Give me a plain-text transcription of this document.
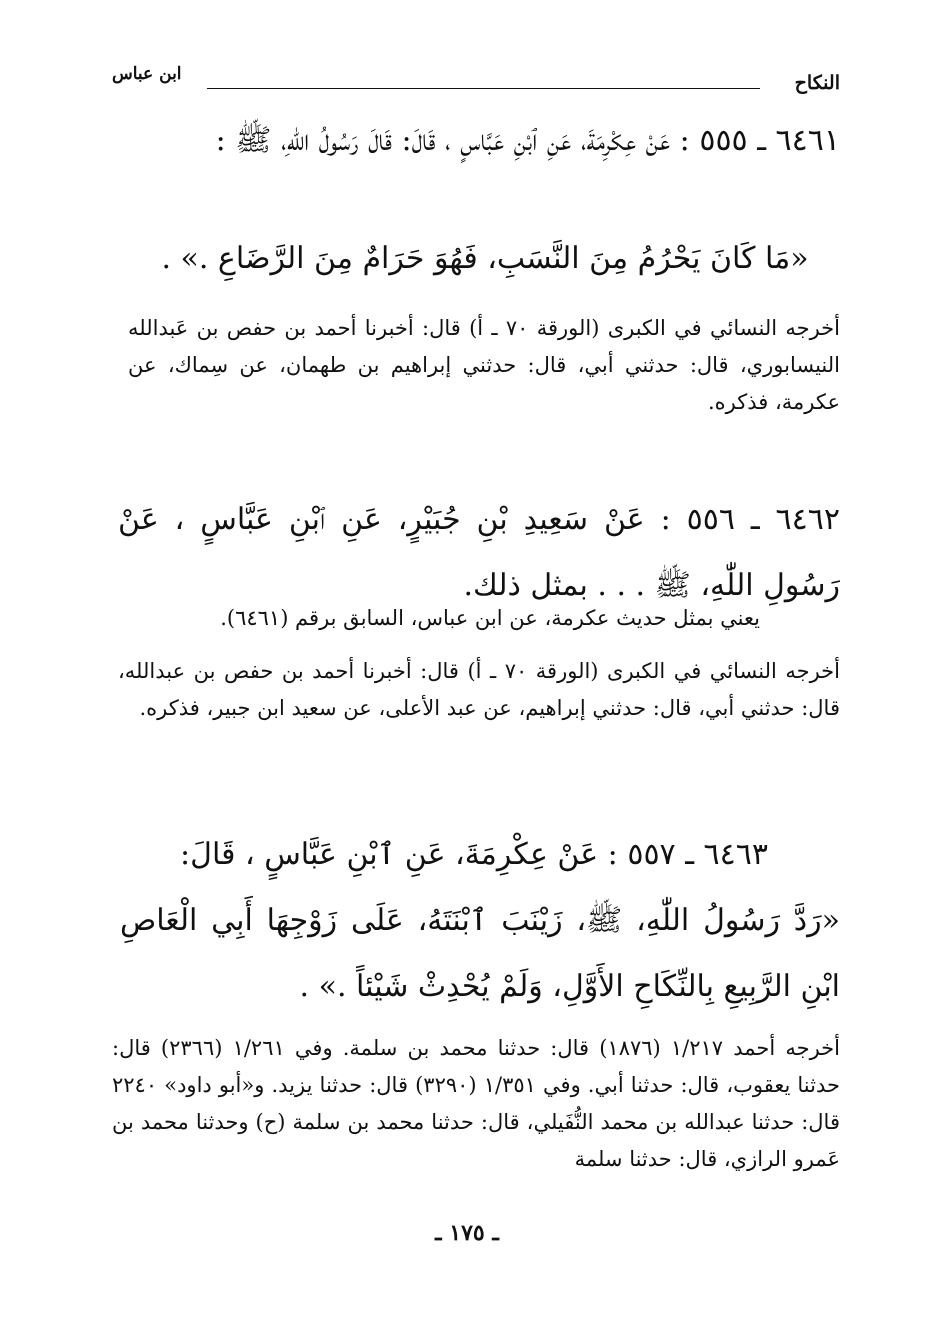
النكاح
ابن عباس
٦٤٦١ ـ ٥٥٥ : عَنْ عِكْرِمَةَ، عَنِ ٱبْنِ عَبَّاسٍ ، قَالَ: قَالَ رَسُولُ اللّٰهِ، ﷺ :
«مَا كَانَ يَحْرُمُ مِنَ النَّسَبِ، فَهُوَ حَرَامٌ مِنَ الرَّضَاعِ .» .
أخرجه النسائي في الكبرى (الورقة ٧٠ ـ أ) قال: أخبرنا أحمد بن حفص بن عَبدالله النيسابوري، قال: حدثني أبي، قال: حدثني إبراهيم بن طهمان، عن سِماك، عن عكرمة، فذكره.
٦٤٦٢ ـ ٥٥٦ : عَنْ سَعِيدِ بْنِ جُبَيْرٍ، عَنِ ٱبْنِ عَبَّاسٍ ، عَنْ رَسُولِ اللّٰهِ، ﷺ . . . بمثل ذلك.
يعني بمثل حديث عكرمة، عن ابن عباس، السابق برقم (٦٤٦١).
أخرجه النسائي في الكبرى (الورقة ٧٠ ـ أ) قال: أخبرنا أحمد بن حفص بن عبدالله، قال: حدثني أبي، قال: حدثني إبراهيم، عن عبد الأعلى، عن سعيد ابن جبير، فذكره.
٦٤٦٣ ـ ٥٥٧ : عَنْ عِكْرِمَةَ، عَنِ ٱبْنِ عَبَّاسٍ ، قَالَ:
«رَدَّ رَسُولُ اللّٰهِ، ﷺ، زَيْنَبَ ٱبْنَتَهُ، عَلَى زَوْجِهَا أَبِي الْعَاصِ ابْنِ الرَّبِيعِ بِالنِّكَاحِ الأَوَّلِ، وَلَمْ يُحْدِثْ شَيْئاً .» .
أخرجه أحمد ١/٢١٧ (١٨٧٦) قال: حدثنا محمد بن سلمة. وفي ١/٢٦١ (٢٣٦٦) قال: حدثنا يعقوب، قال: حدثنا أبي. وفي ١/٣٥١ (٣٢٩٠) قال: حدثنا يزيد. و«أبو داود» ٢٢٤٠ قال: حدثنا عبدالله بن محمد النُّفَيلي، قال: حدثنا محمد بن سلمة (ح) وحدثنا محمد بن عَمرو الرازي، قال: حدثنا سلمة
ـ ١٧٥ ـ
